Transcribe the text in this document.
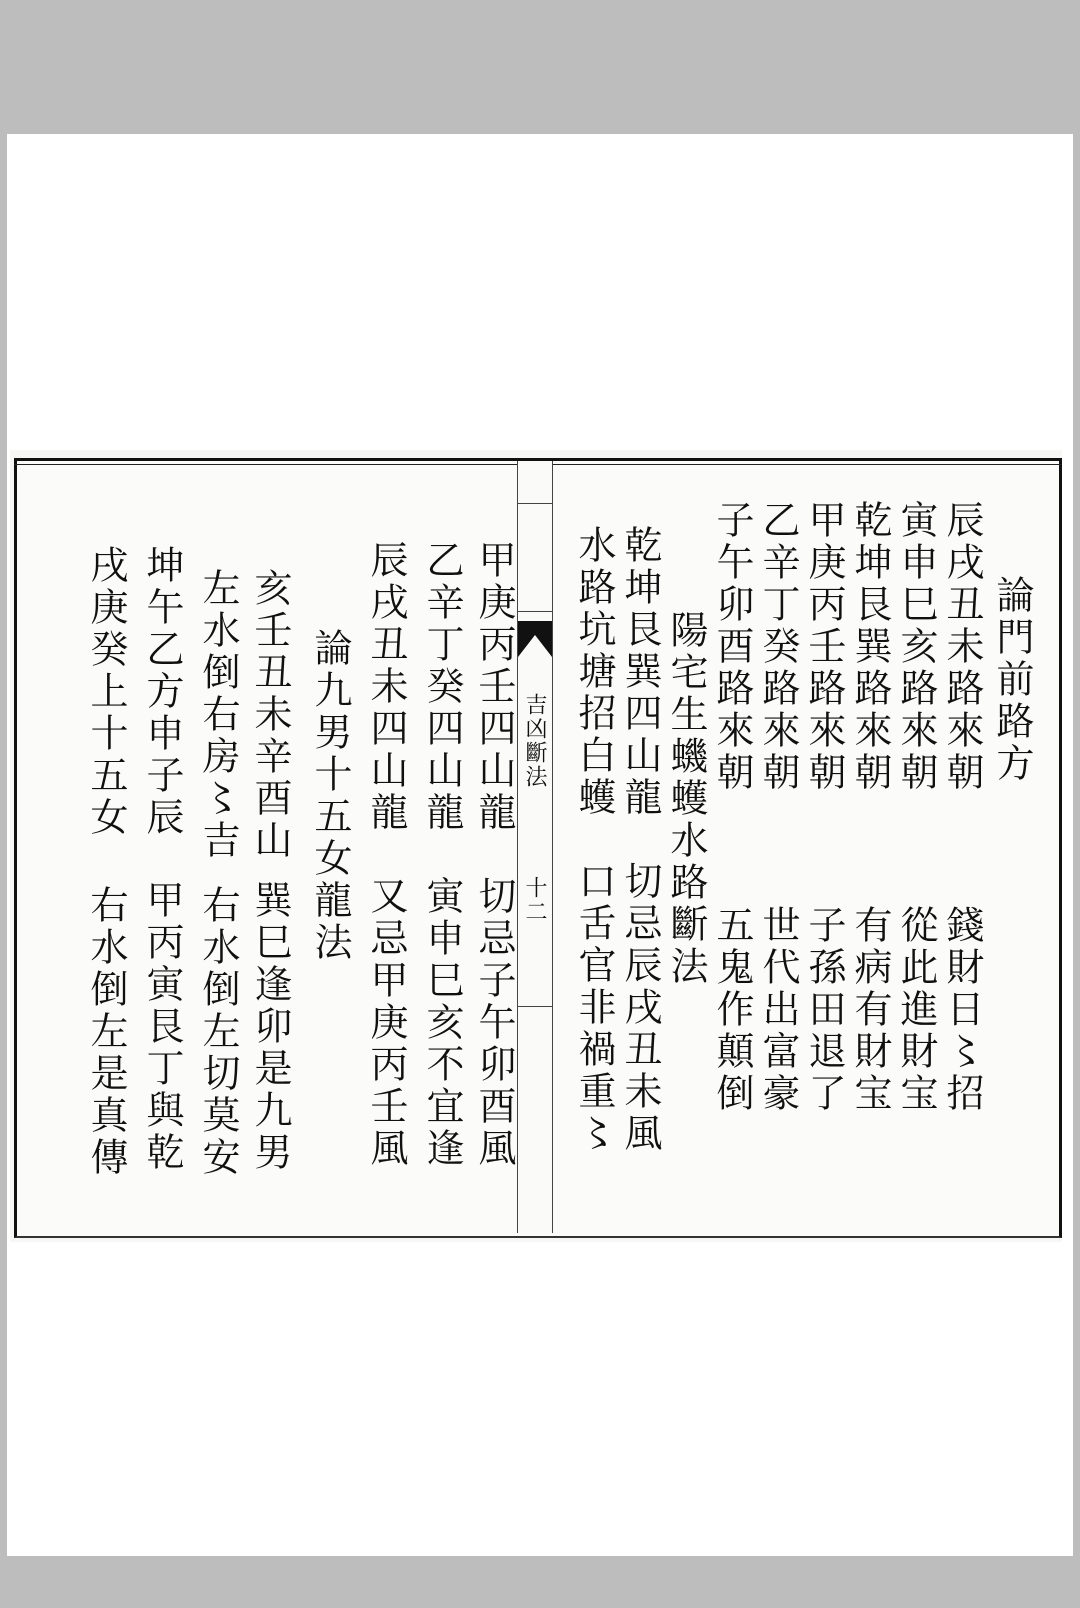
吉凶斷法
十二
論門前路方
辰戌丑未路來朝
寅申巳亥路來朝
乾坤艮巽路來朝
甲庚丙壬路來朝
乙辛丁癸路來朝
子午卯酉路來朝
錢財日〻招
從此進財宝
有病有財宝
子孫田退了
世代出富豪
五鬼作顛倒
陽宅生蟣蠖水路斷法
乾坤艮巽四山龍　切忌辰戌丑未風
水路坑塘招白蠖　口舌官非禍重〻
甲庚丙壬四山龍　切忌子午卯酉風
乙辛丁癸四山龍　寅申巳亥不宜逢
辰戌丑未四山龍　又忌甲庚丙壬風
論九男十五女龍法
亥壬丑未辛酉山
左水倒右房〻吉
坤午乙方申子辰
戌庚癸上十五女
巽巳逢卯是九男
右水倒左切莫安
甲丙寅艮丁與乾
右水倒左是真傳
